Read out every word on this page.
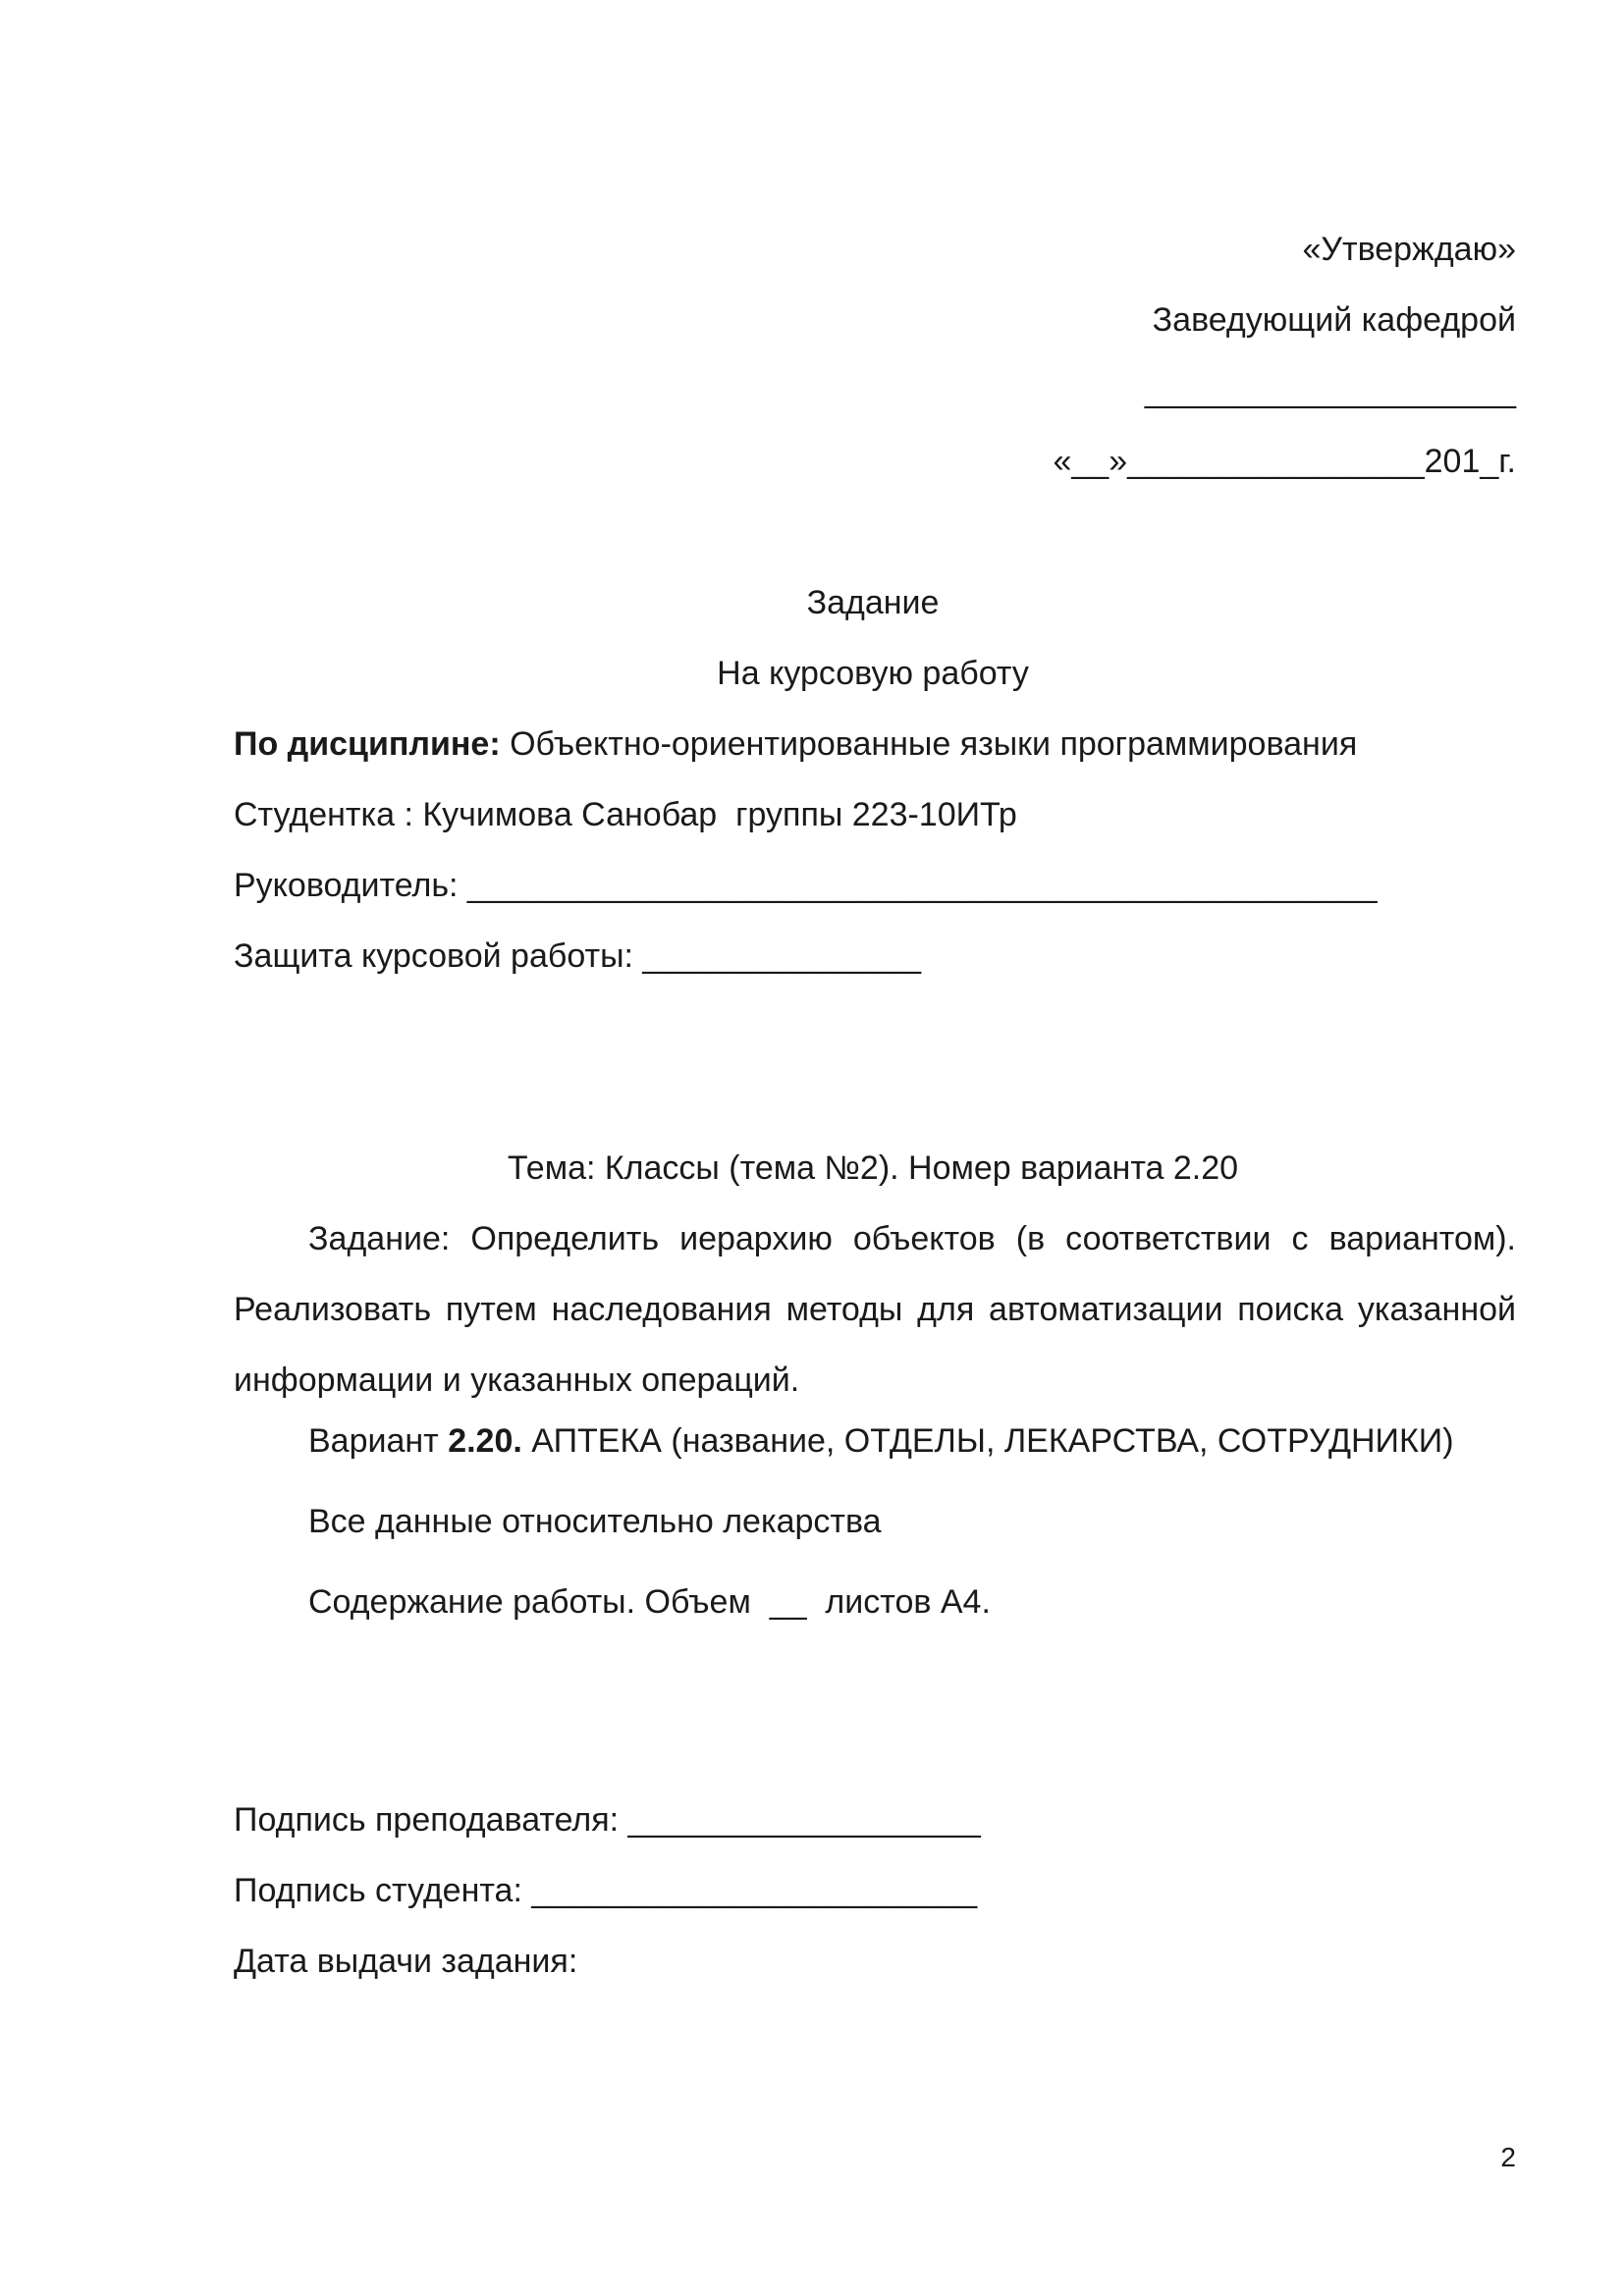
«Утверждаю»
Заведующий кафедрой
____________________
«__»________________201_г.
Задание
На курсовую работу
По дисциплине: Объектно-ориентированные языки программирования
Студентка : Кучимова Санобар  группы 223-10ИТр
Руководитель: _________________________________________________
Защита курсовой работы: _______________
Тема: Классы (тема №2). Номер варианта 2.20
Задание: Определить иерархию объектов (в соответствии с вариантом). Реализовать путем наследования методы для автоматизации поиска указанной информации и указанных операций.
Вариант 2.20. АПТЕКА (название, ОТДЕЛЫ, ЛЕКАРСТВА, СОТРУДНИКИ)
Все данные относительно лекарства
Содержание работы. Объем  __  листов А4.
Подпись преподавателя: ___________________
Подпись студента: ________________________
Дата выдачи задания:
2
